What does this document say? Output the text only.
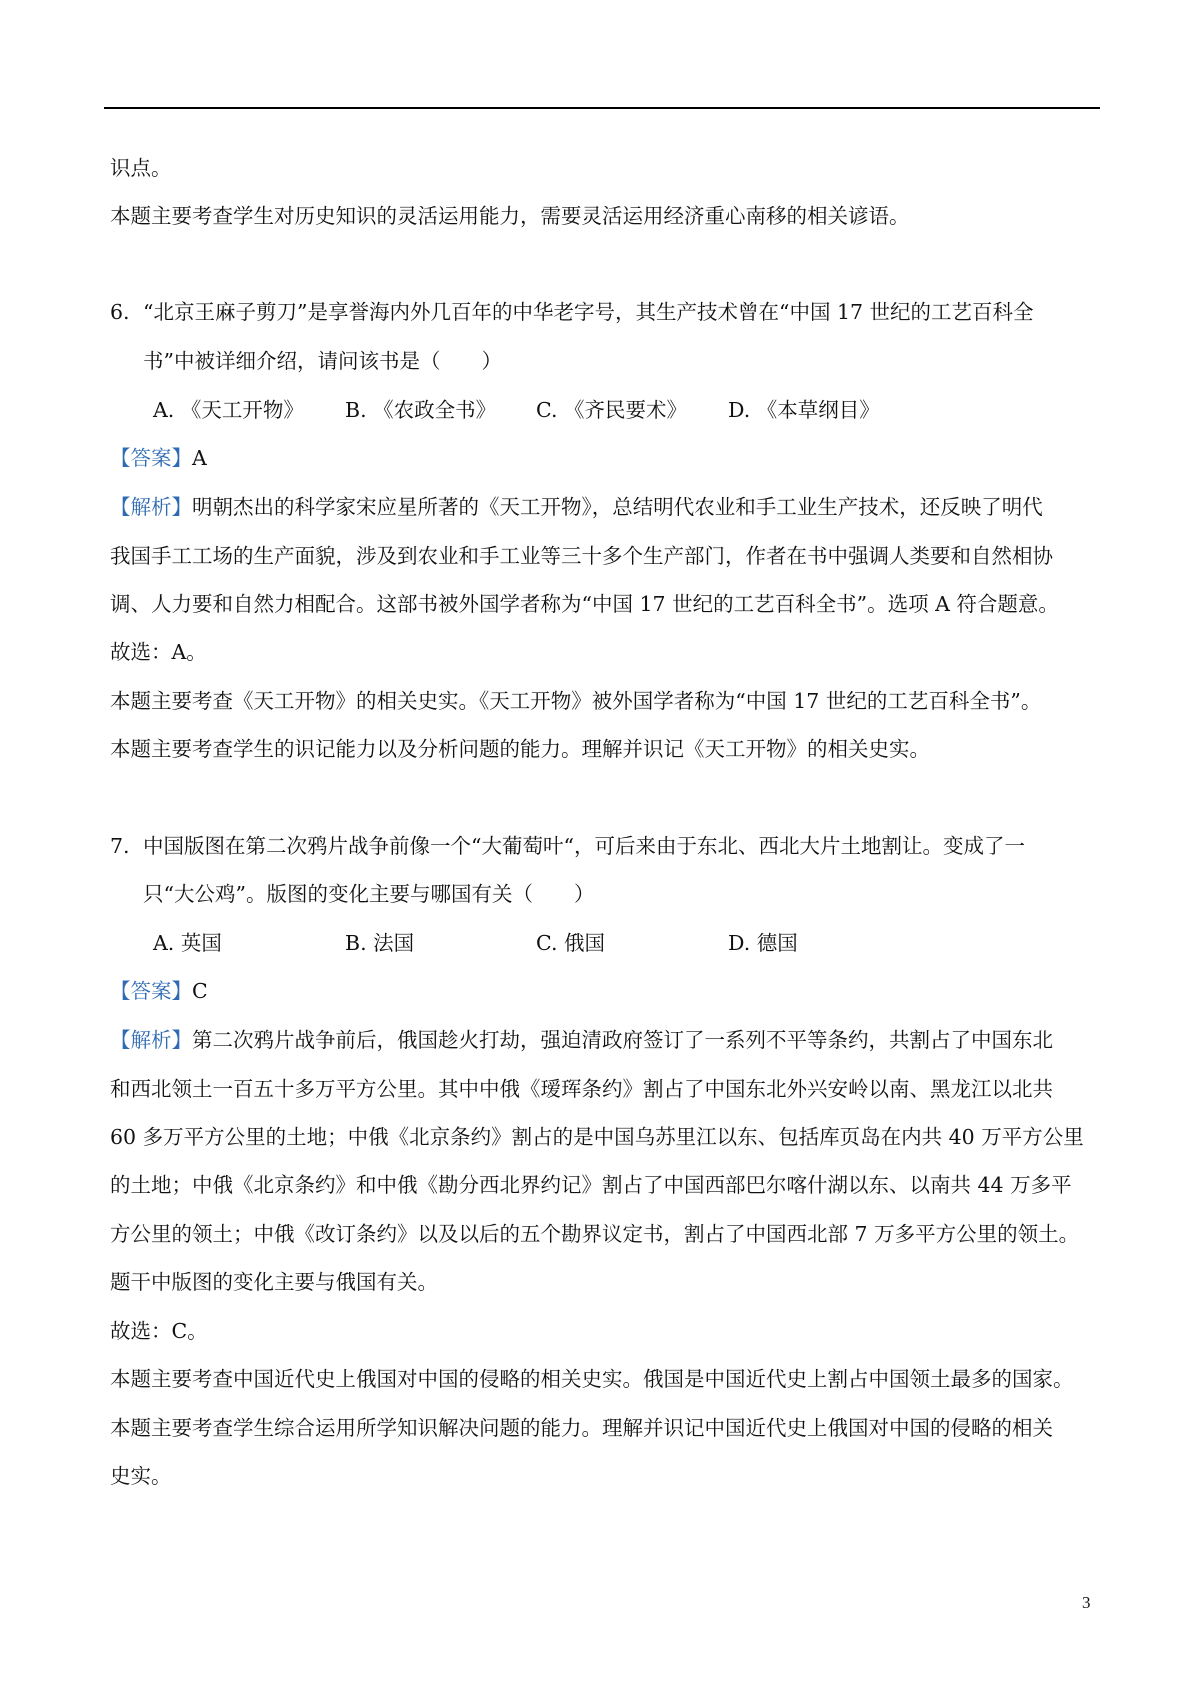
识点。
本题主要考查学生对历史知识的灵活运用能力，需要灵活运用经济重心南移的相关谚语。
6. “北京王麻子剪刀”是享誉海内外几百年的中华老字号，其生产技术曾在“中国 17 世纪的工艺百科全
书”中被详细介绍，请问该书是（　　）
A. 《天工开物》 B. 《农政全书》 C. 《齐民要术》 D. 《本草纲目》
【答案】A
【解析】明朝杰出的科学家宋应星所著的《天工开物》，总结明代农业和手工业生产技术，还反映了明代
我国手工工场的生产面貌，涉及到农业和手工业等三十多个生产部门，作者在书中强调人类要和自然相协
调、人力要和自然力相配合。这部书被外国学者称为“中国 17 世纪的工艺百科全书”。选项 A 符合题意。
故选：A。
本题主要考查《天工开物》的相关史实。《天工开物》被外国学者称为“中国 17 世纪的工艺百科全书”。
本题主要考查学生的识记能力以及分析问题的能力。理解并识记《天工开物》的相关史实。
7. 中国版图在第二次鸦片战争前像一个“大葡萄叶“，可后来由于东北、西北大片土地割让。变成了一
只“大公鸡”。版图的变化主要与哪国有关（　　）
A. 英国	B. 法国	C. 俄国	D. 德国
【答案】C
【解析】第二次鸦片战争前后，俄国趁火打劫，强迫清政府签订了一系列不平等条约，共割占了中国东北
和西北领土一百五十多万平方公里。其中中俄《瑷珲条约》割占了中国东北外兴安岭以南、黑龙江以北共
60 多万平方公里的土地；中俄《北京条约》割占的是中国乌苏里江以东、包括库页岛在内共 40 万平方公里
的土地；中俄《北京条约》和中俄《勘分西北界约记》割占了中国西部巴尔喀什湖以东、以南共 44 万多平
方公里的领土；中俄《改订条约》以及以后的五个勘界议定书，割占了中国西北部 7 万多平方公里的领土。
题干中版图的变化主要与俄国有关。
故选：C。
本题主要考查中国近代史上俄国对中国的侵略的相关史实。俄国是中国近代史上割占中国领土最多的国家。
本题主要考查学生综合运用所学知识解决问题的能力。理解并识记中国近代史上俄国对中国的侵略的相关
史实。
3
